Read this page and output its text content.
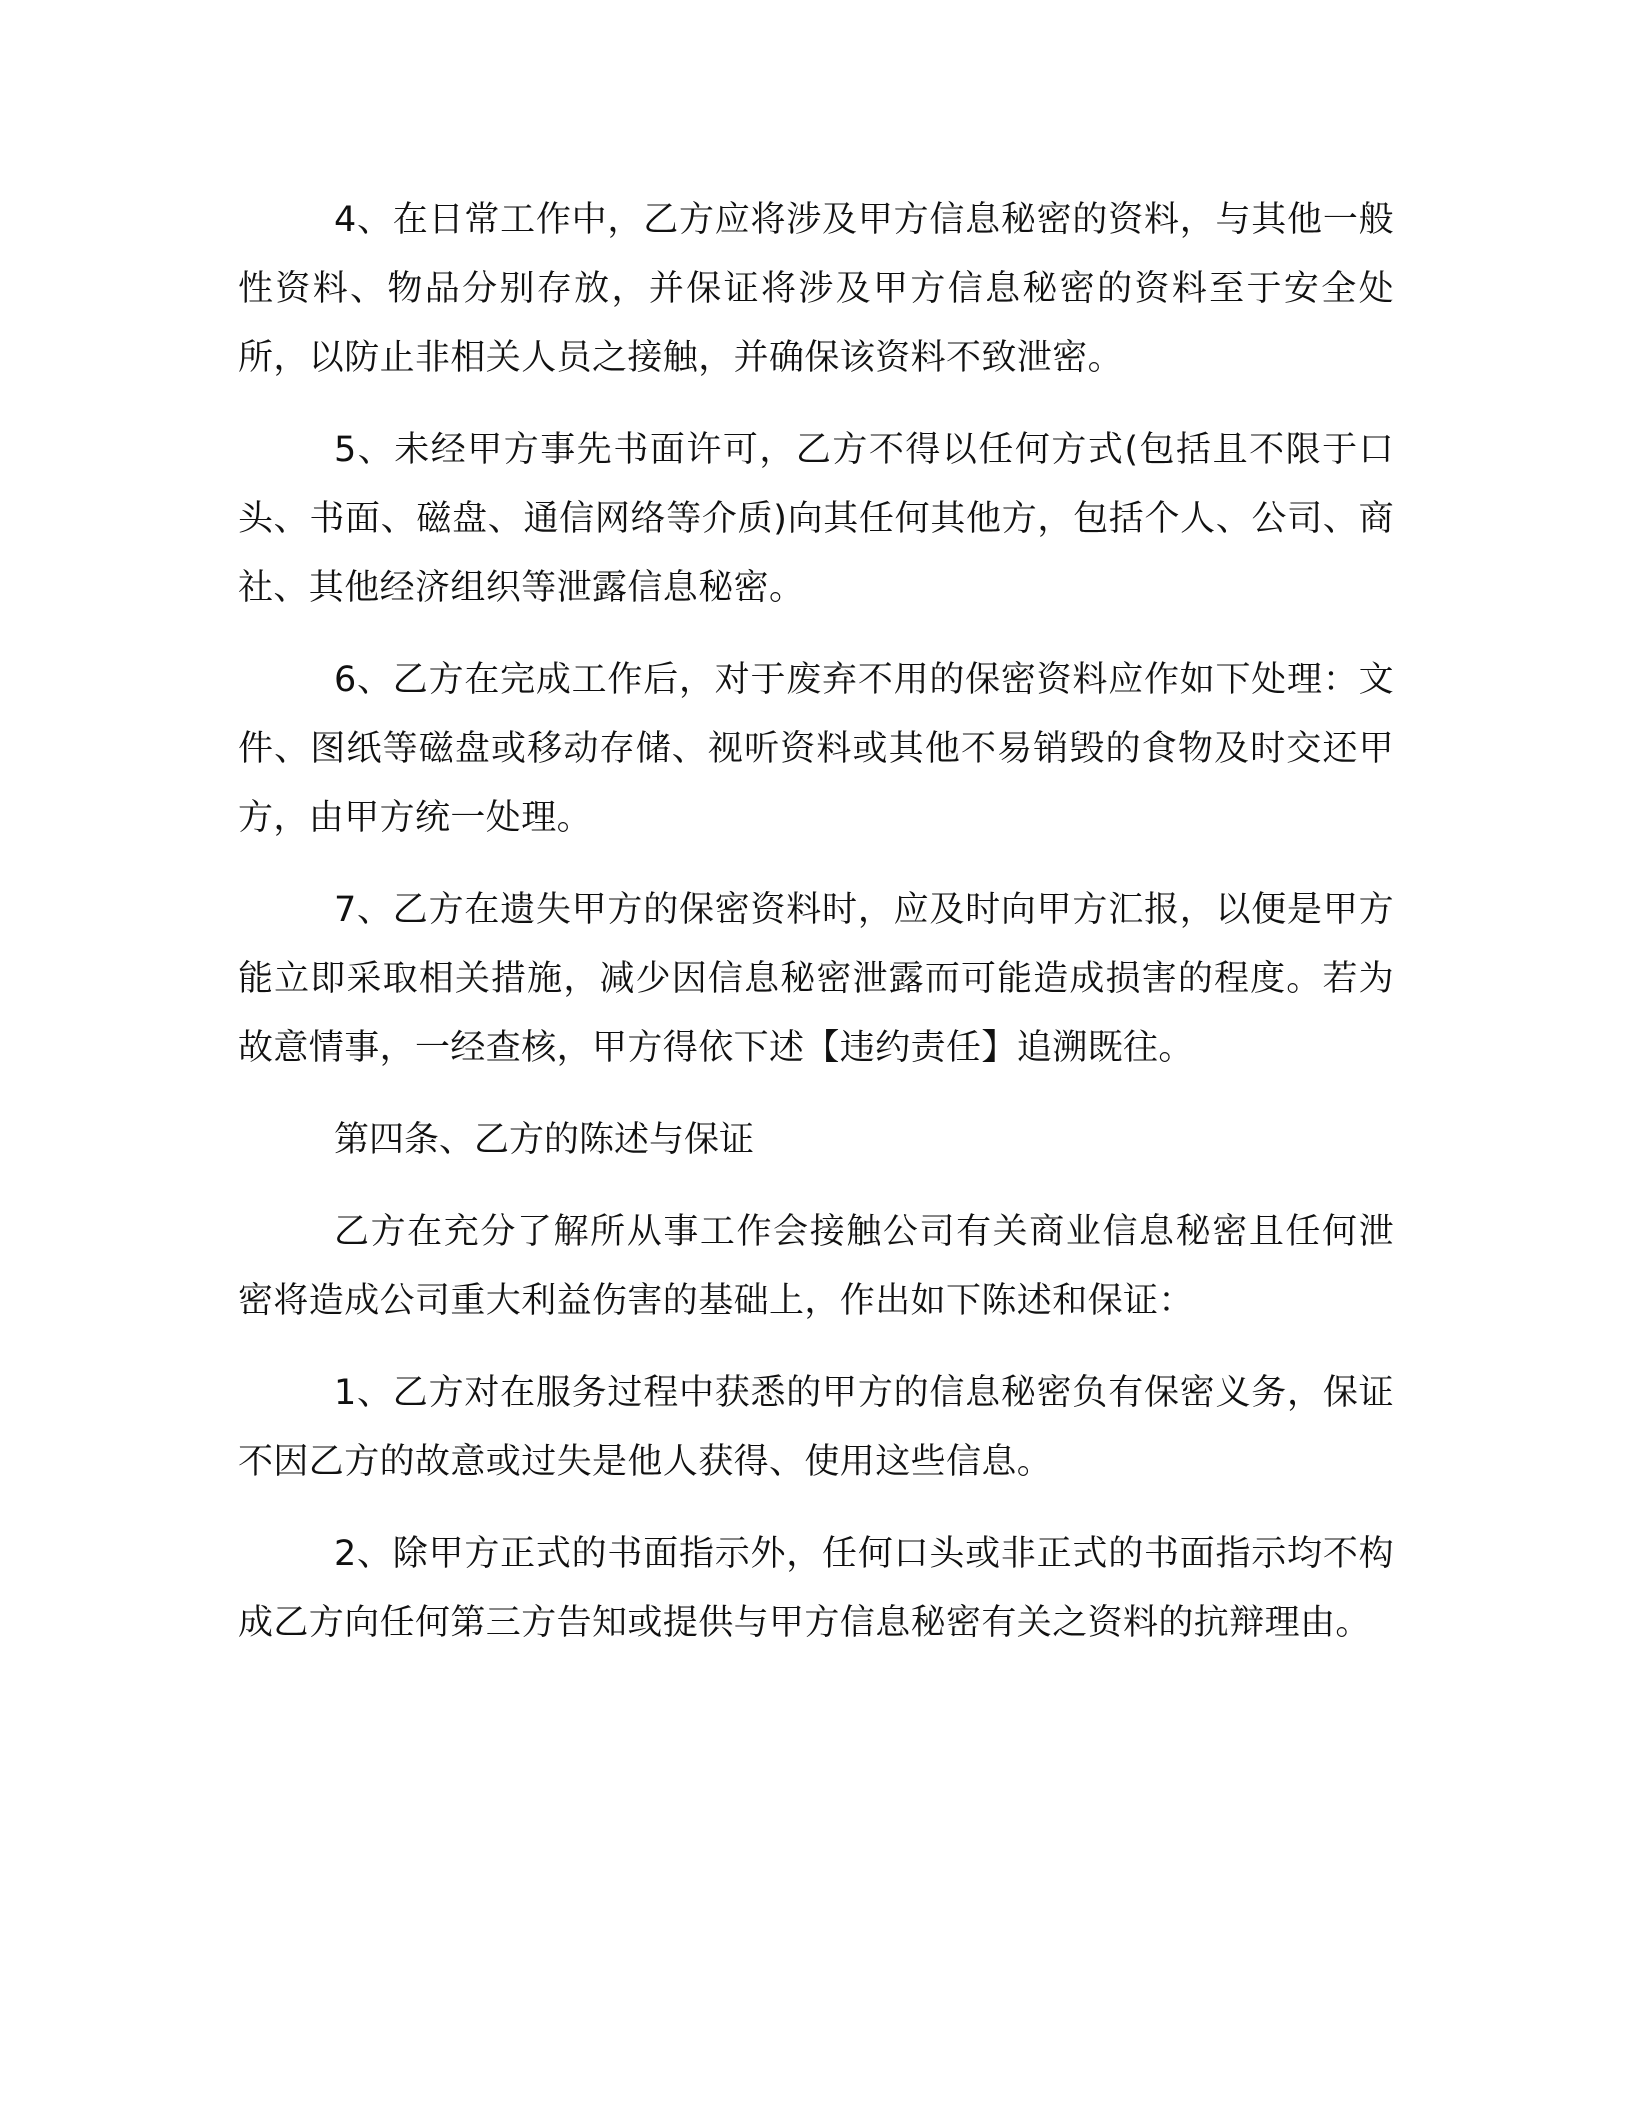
4、在日常工作中，乙方应将涉及甲方信息秘密的资料，与其他一般性资料、物品分别存放，并保证将涉及甲方信息秘密的资料至于安全处所，以防止非相关人员之接触，并确保该资料不致泄密。

5、未经甲方事先书面许可，乙方不得以任何方式(包括且不限于口头、书面、磁盘、通信网络等介质)向其任何其他方，包括个人、公司、商社、其他经济组织等泄露信息秘密。

6、乙方在完成工作后，对于废弃不用的保密资料应作如下处理：文件、图纸等磁盘或移动存储、视听资料或其他不易销毁的食物及时交还甲方，由甲方统一处理。

7、乙方在遗失甲方的保密资料时，应及时向甲方汇报，以便是甲方能立即采取相关措施，减少因信息秘密泄露而可能造成损害的程度。若为故意情事，一经查核，甲方得依下述【违约责任】追溯既往。

第四条、乙方的陈述与保证

乙方在充分了解所从事工作会接触公司有关商业信息秘密且任何泄密将造成公司重大利益伤害的基础上，作出如下陈述和保证：

1、乙方对在服务过程中获悉的甲方的信息秘密负有保密义务，保证不因乙方的故意或过失是他人获得、使用这些信息。

2、除甲方正式的书面指示外，任何口头或非正式的书面指示均不构成乙方向任何第三方告知或提供与甲方信息秘密有关之资料的抗辩理由。
